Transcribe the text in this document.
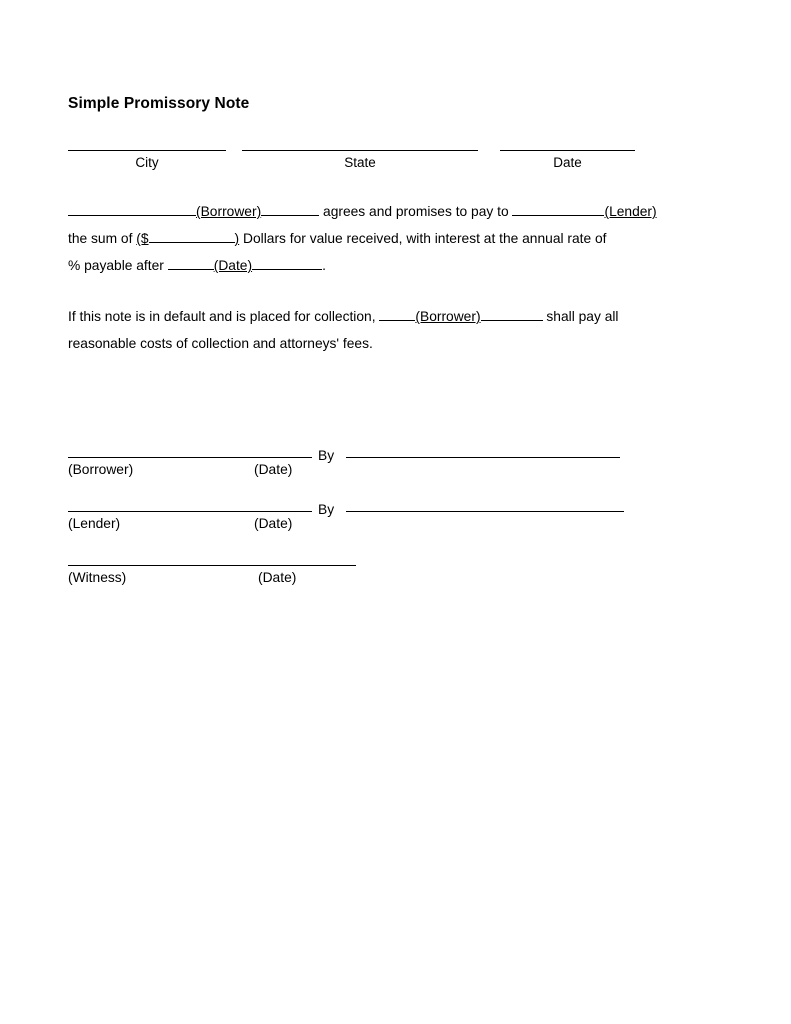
Simple Promissory Note
City	State	Date

(Borrower)	agrees and promises to pay to	(Lender)
the sum of ($	) Dollars for value received, with interest at the annual rate of
% payable after	(Date)	.

If this note is in default and is placed for collection,	(Borrower)	shall pay all
reasonable costs of collection and attorneys' fees.

By
(Borrower)	(Date)
By
(Lender)	(Date)
(Witness)	(Date)
